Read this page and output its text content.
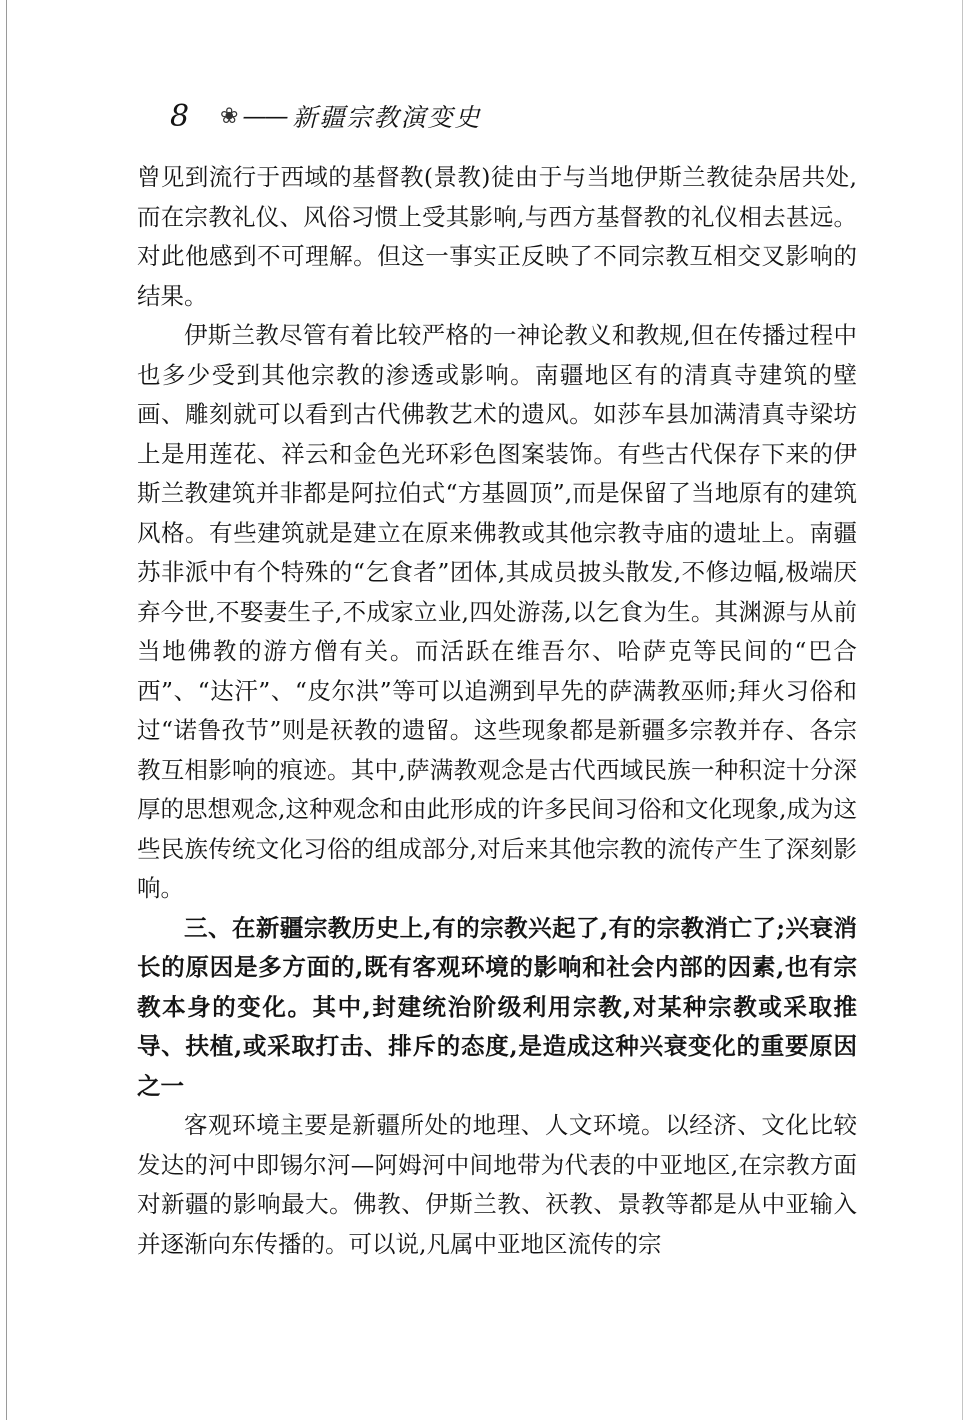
8	❀ —— 新疆宗教演变史

曾见到流行于西域的基督教(景教)徒由于与当地伊斯兰教徒杂居共处,而在宗教礼仪、风俗习惯上受其影响,与西方基督教的礼仪相去甚远。对此他感到不可理解。但这一事实正反映了不同宗教互相交叉影响的结果。

伊斯兰教尽管有着比较严格的一神论教义和教规,但在传播过程中也多少受到其他宗教的渗透或影响。南疆地区有的清真寺建筑的壁画、雕刻就可以看到古代佛教艺术的遗风。如莎车县加满清真寺梁坊上是用莲花、祥云和金色光环彩色图案装饰。有些古代保存下来的伊斯兰教建筑并非都是阿拉伯式“方基圆顶”,而是保留了当地原有的建筑风格。有些建筑就是建立在原来佛教或其他宗教寺庙的遗址上。南疆苏非派中有个特殊的“乞食者”团体,其成员披头散发,不修边幅,极端厌弃今世,不娶妻生子,不成家立业,四处游荡,以乞食为生。其渊源与从前当地佛教的游方僧有关。而活跃在维吾尔、哈萨克等民间的“巴合西”、“达汗”、“皮尔洪”等可以追溯到早先的萨满教巫师;拜火习俗和过“诺鲁孜节”则是祆教的遗留。这些现象都是新疆多宗教并存、各宗教互相影响的痕迹。其中,萨满教观念是古代西域民族一种积淀十分深厚的思想观念,这种观念和由此形成的许多民间习俗和文化现象,成为这些民族传统文化习俗的组成部分,对后来其他宗教的流传产生了深刻影响。

三、在新疆宗教历史上,有的宗教兴起了,有的宗教消亡了;兴衰消长的原因是多方面的,既有客观环境的影响和社会内部的因素,也有宗教本身的变化。其中,封建统治阶级利用宗教,对某种宗教或采取推导、扶植,或采取打击、排斥的态度,是造成这种兴衰变化的重要原因之一

客观环境主要是新疆所处的地理、人文环境。以经济、文化比较发达的河中即锡尔河—阿姆河中间地带为代表的中亚地区,在宗教方面对新疆的影响最大。佛教、伊斯兰教、祆教、景教等都是从中亚输入并逐渐向东传播的。可以说,凡属中亚地区流传的宗
